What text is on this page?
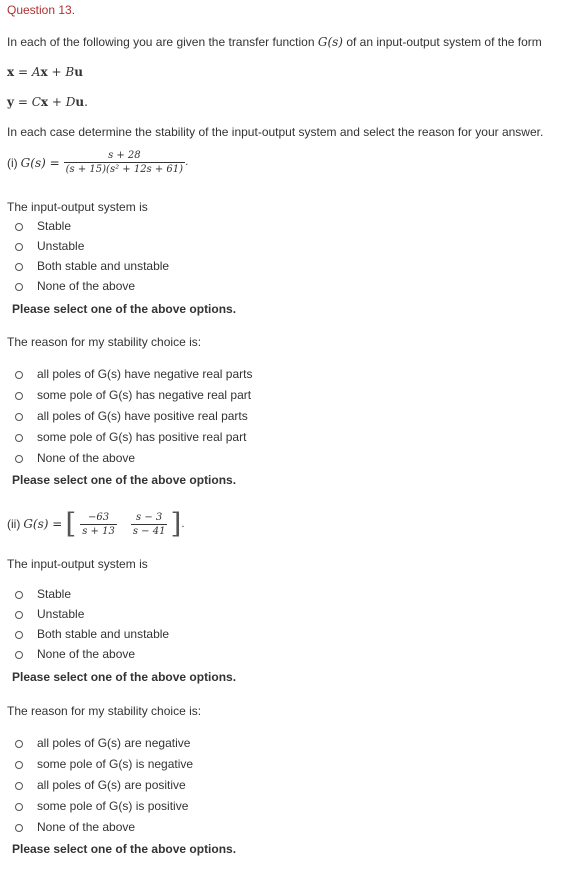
Question 13.
In each of the following you are given the transfer function G(s) of an input-output system of the form
x = Ax + Bu
y = Cx + Du.
In each case determine the stability of the input-output system and select the reason for your answer.
(i) $G(s) = \frac{s + 28}{\text{(s + 15)(s² + 12s + 61)}}$ .
The input-output system is
Stable
Unstable
Both stable and unstable
None of the above
Please select one of the above options.
The reason for my stability choice is:
all poles of G(s) have negative real parts
some pole of G(s) has negative real part
all poles of G(s) have positive real parts
some pole of G(s) has positive real part
None of the above
Please select one of the above options.
(ii) G(s) = [ $\frac{-63}{s + 13} \frac{s - 3}{s - 41}$ ] .
The input-output system is
Stable
Unstable
Both stable and unstable
None of the above
Please select one of the above options.
The reason for my stability choice is:
all poles of G(s) are negative
some pole of G(s) is negative
all poles of G(s) are positive
some pole of G(s) is positive
None of the above
Please select one of the above options.
